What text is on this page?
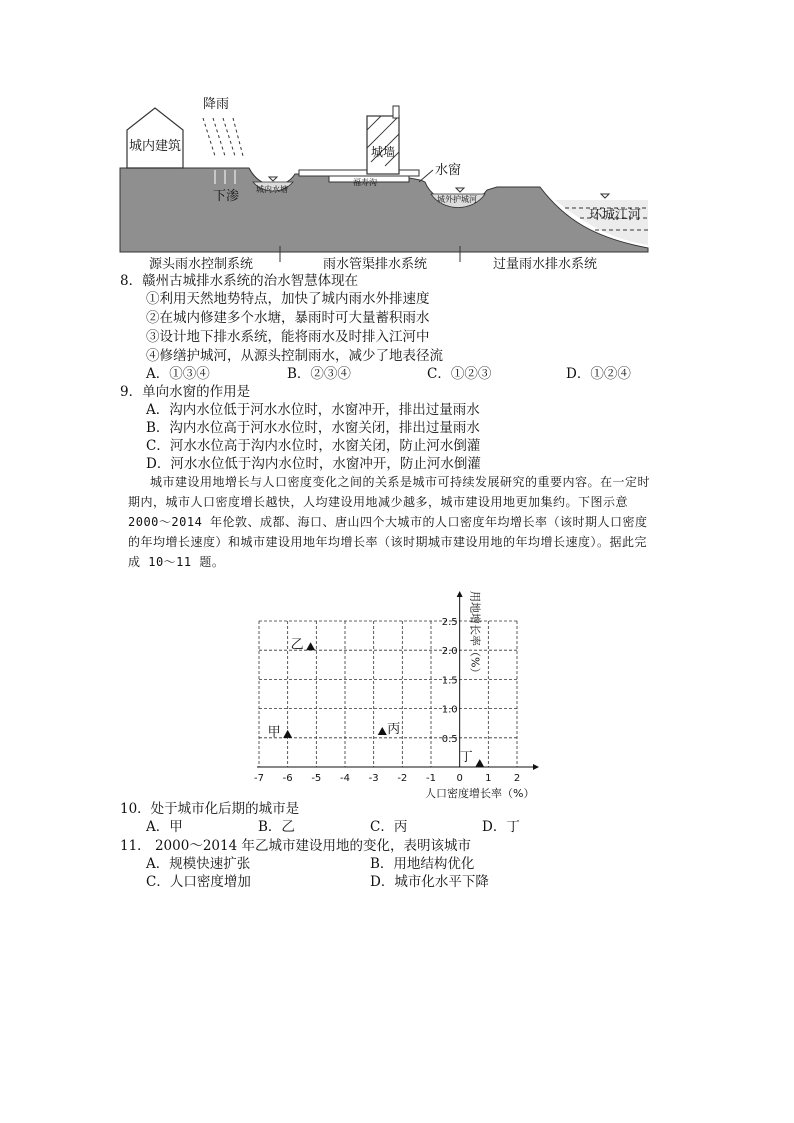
城内建筑
降雨
下渗 城内水塘
福寿沟
城墙
水窗
城外护城河
环城江河
源头雨水控制系统	雨水管渠排水系统	过量雨水排水系统
8．赣州古城排水系统的治水智慧体现在
①利用天然地势特点，加快了城内雨水外排速度
②在城内修建多个水塘，暴雨时可大量蓄积雨水
③设计地下排水系统，能将雨水及时排入江河中
④修缮护城河，从源头控制雨水，减少了地表径流
A．①③④	B．②③④	C．①②③	D．①②④
9．单向水窗的作用是
A．沟内水位低于河水水位时，水窗冲开，排出过量雨水
B．沟内水位高于河水水位时，水窗关闭，排出过量雨水
C．河水水位高于沟内水位时，水窗关闭，防止河水倒灌
D．河水水位低于沟内水位时，水窗冲开，防止河水倒灌
城市建设用地增长与人口密度变化之间的关系是城市可持续发展研究的重要内容。在一定时期内，城市人口密度增长越快，人均建设用地减少越多，城市建设用地更加集约。下图示意 2000～2014 年伦敦、成都、海口、唐山四个大城市的人口密度年均增长率（该时期人口密度的年均增长速度）和城市建设用地年均增长率（该时期城市建设用地的年均增长速度）。据此完成 10～11 题。
-7 -6 -5 -4 -3 -2 -1 0 1 2
0.5
1.0
1.5
2.0
2.5
甲
乙
丙
丁
人口密度增长率（%）
用地增长率（%）
10．处于城市化后期的城市是
A．甲	B．乙	C．丙	D．丁
11． 2000～2014 年乙城市建设用地的变化，表明该城市
A．规模快速扩张	B．用地结构优化
C．人口密度增加	D．城市化水平下降
